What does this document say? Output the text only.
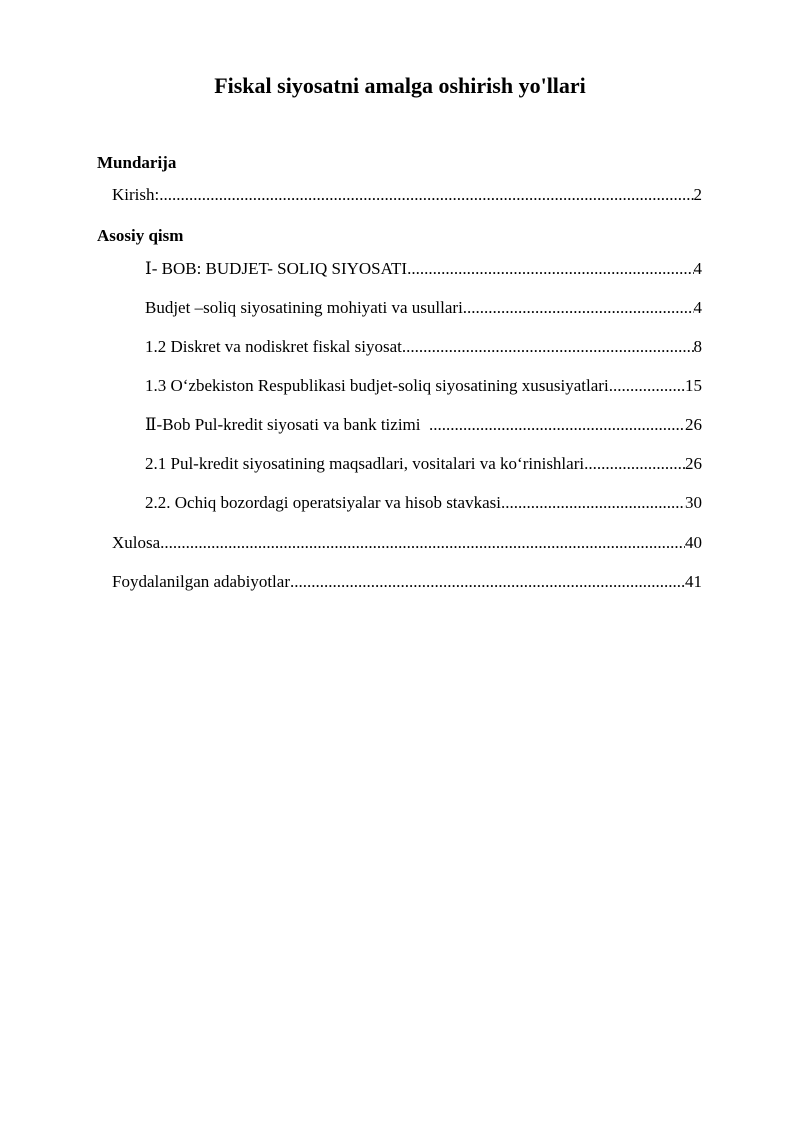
Fiskal siyosatni amalga oshirish yo'llari
Mundarija
Kirish: .....	2
Asosiy qism
Ⅰ- BOB: BUDJET- SOLIQ SIYOSATI .....	4
Budjet –soliq siyosatining mohiyati va usullari .....	4
1.2 Diskret va nodiskret fiskal siyosat .....	8
1.3 O‘zbekiston Respublikasi budjet-soliq siyosatining xususiyatlari .....	15
Ⅱ-Bob Pul-kredit siyosati va bank tizimi .....	26
2.1 Pul-kredit siyosatining maqsadlari, vositalari va ko‘rinishlari .....	26
2.2. Ochiq bozordagi operatsiyalar va hisob stavkasi .....	30
Xulosa .....	40
Foydalanilgan adabiyotlar .....	41
